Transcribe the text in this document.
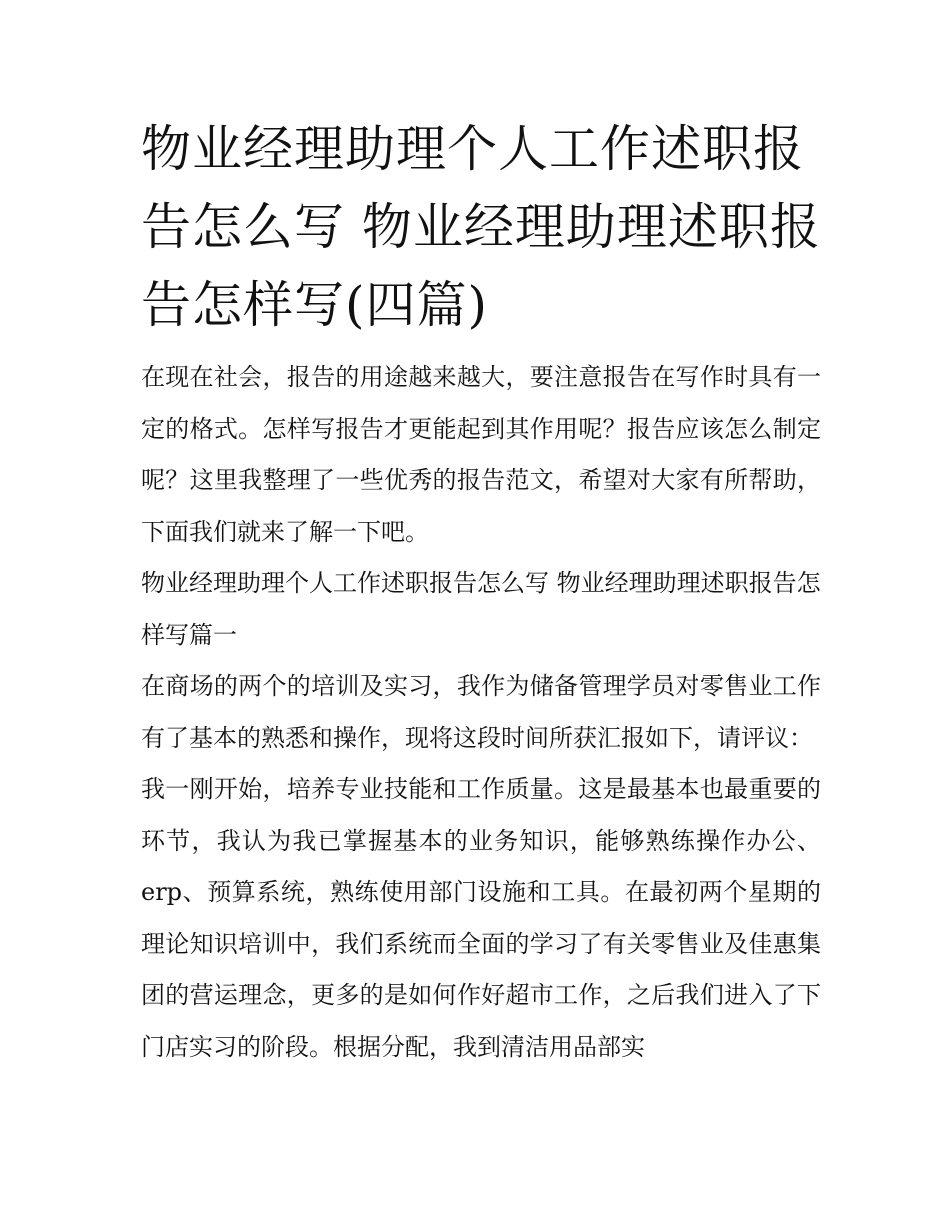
物业经理助理个人工作述职报告怎么写 物业经理助理述职报告怎样写(四篇)

在现在社会，报告的用途越来越大，要注意报告在写作时具有一定的格式。怎样写报告才更能起到其作用呢？报告应该怎么制定呢？这里我整理了一些优秀的报告范文，希望对大家有所帮助，下面我们就来了解一下吧。

物业经理助理个人工作述职报告怎么写 物业经理助理述职报告怎样写篇一

在商场的两个的培训及实习，我作为储备管理学员对零售业工作有了基本的熟悉和操作，现将这段时间所获汇报如下，请评议：

我一刚开始，培养专业技能和工作质量。这是最基本也最重要的环节，我认为我已掌握基本的业务知识，能够熟练操作办公、erp、预算系统，熟练使用部门设施和工具。在最初两个星期的理论知识培训中，我们系统而全面的学习了有关零售业及佳惠集团的营运理念，更多的是如何作好超市工作，之后我们进入了下门店实习的阶段。根据分配，我到清洁用品部实
